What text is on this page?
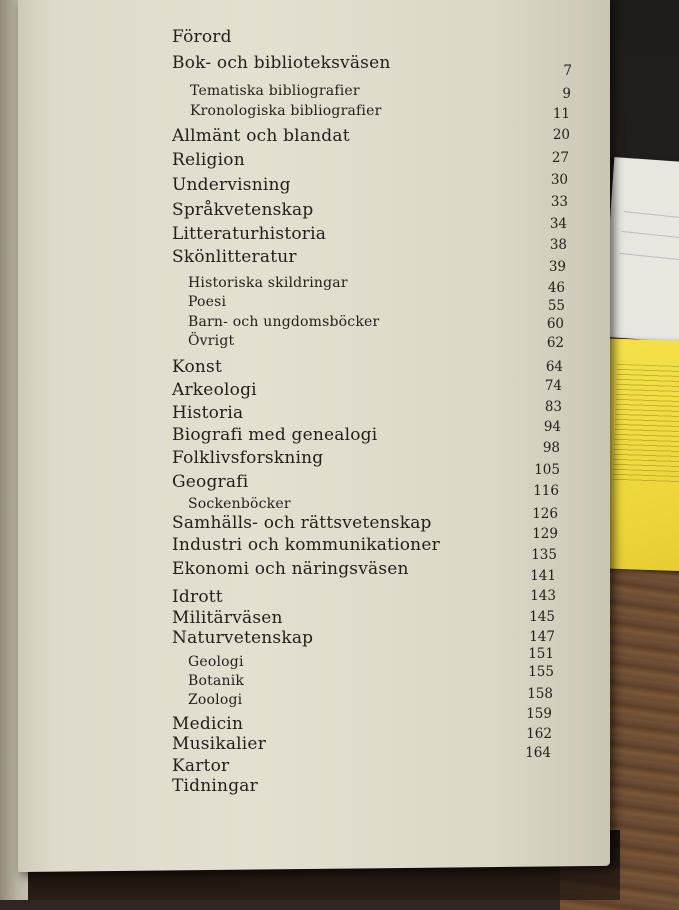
Förord
Bok- och biblioteksväsen
Tematiska bibliografier
Kronologiska bibliografier
Allmänt och blandat
Religion
Undervisning
Språkvetenskap
Litteraturhistoria
Skönlitteratur
Historiska skildringar
Poesi
Barn- och ungdomsböcker
Övrigt
Konst
Arkeologi
Historia
Biografi med genealogi
Folklivsforskning
Geografi
Sockenböcker
Samhälls- och rättsvetenskap
Industri och kommunikationer
Ekonomi och näringsväsen
Idrott
Militärväsen
Naturvetenskap
Geologi
Botanik
Zoologi
Medicin
Musikalier
Kartor
Tidningar
7
9
11
20
27
30
33
34
38
39
46
55
60
62
64
74
83
94
98
105
116
126
129
135
141
143
145
147
151
155
158
159
162
164
